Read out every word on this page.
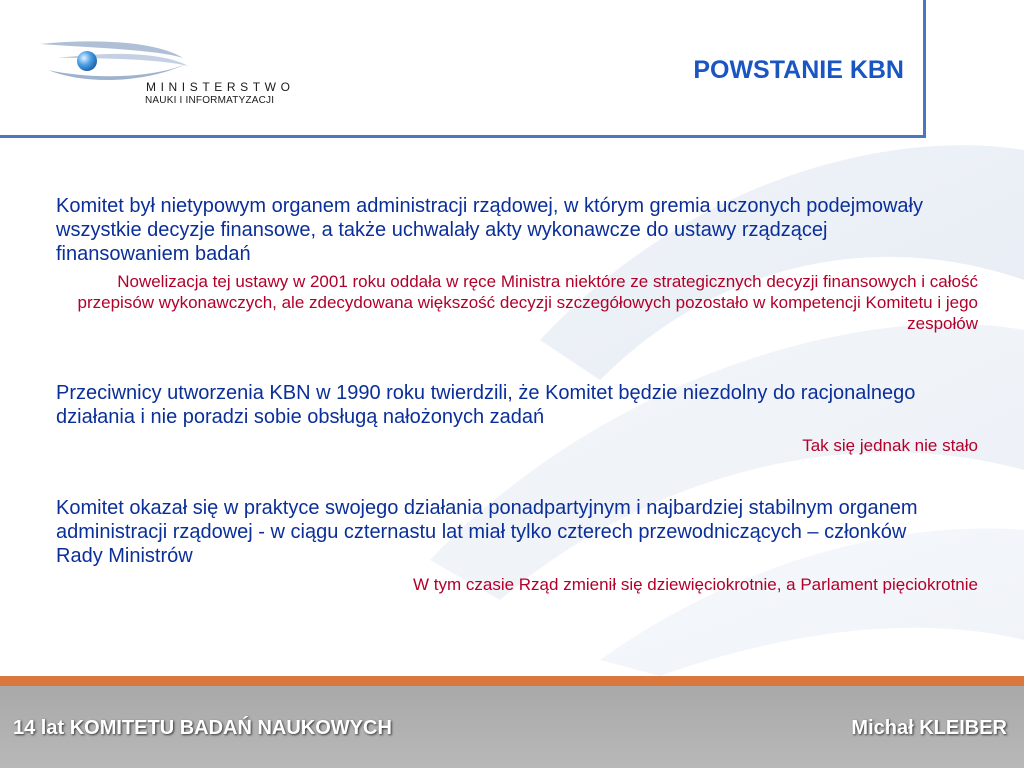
MINISTERSTWO
NAUKI I INFORMATYZACJI
POWSTANIE KBN

Komitet był nietypowym organem administracji rządowej, w którym gremia uczonych podejmowały wszystkie decyzje finansowe, a także uchwalały akty wykonawcze do ustawy rządzącej finansowaniem badań

Nowelizacja tej ustawy w 2001 roku oddała w ręce Ministra niektóre ze strategicznych decyzji finansowych i całość przepisów wykonawczych, ale zdecydowana większość decyzji szczegółowych pozostało w kompetencji Komitetu i jego zespołów

Przeciwnicy utworzenia KBN w 1990 roku twierdzili, że Komitet będzie niezdolny do racjonalnego działania i nie poradzi sobie obsługą nałożonych zadań

Tak się jednak nie stało

Komitet okazał się w praktyce swojego działania ponadpartyjnym i najbardziej stabilnym organem administracji rządowej - w ciągu czternastu lat miał tylko czterech przewodniczących – członków Rady Ministrów

W tym czasie Rząd zmienił się dziewięciokrotnie, a Parlament pięciokrotnie

14 lat KOMITETU BADAŃ NAUKOWYCH	Michał KLEIBER
